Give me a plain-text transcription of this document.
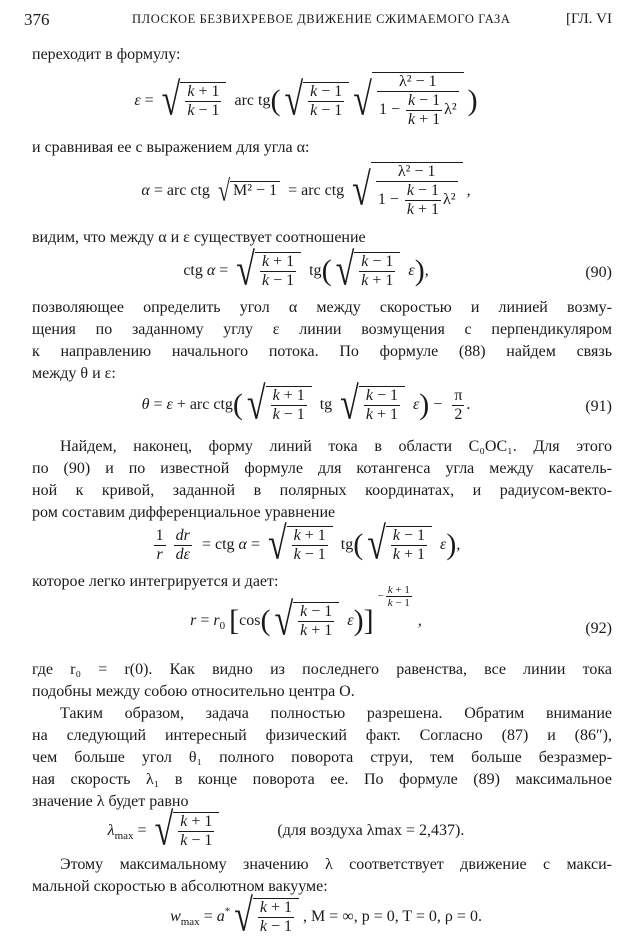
376	ПЛОСКОЕ БЕЗВИХРЕВОЕ ДВИЖЕНИЕ СЖИМАЕМОГО ГАЗА	[ГЛ. VI
переходит в формулу:
ε =  √ $\frac{k + 1}{k - 1}$ arc tg( √ $\frac{k - 1}{k - 1}$ √ $\frac{\text{λ² − 1}}{1 - \frac{k - 1}{k + 1} \lambda^2}$ )
и сравнивая ее с выражением для угла α:
α = arc ctg  √ M² − 1  = arc ctg  √ $\frac{\text{λ² − 1}}{1 - \frac{k - 1}{k + 1} \lambda^2}$ ,
видим, что между α и ε существует соотношение
ctg α =  √ $\frac{k + 1}{k - 1} tg$( √ $\frac{k - 1}{k + 1} \varepsilon$),	(90)
позволяющее определить угол α между скоростью и линией возму-
щения по заданному углу ε линии возмущения с перпендикуляром
к направлению начального потока. По формуле (88) найдем связь
между θ и ε:
θ = ε + arc ctg( √ $\frac{k + 1}{k - 1}$ tg  √ $\frac{k - 1}{k + 1} \varepsilon) - \frac{\pi}{2}$ .	(91)
Найдем, наконец, форму линий тока в области C₀OC₁. Для этого
по (90) и по известной формуле для котангенса угла между касатель-
ной к кривой, заданной в полярных координатах, и радиусом-векто-
ром составим дифференциальное уравнение
$\frac{1}{r}$
$\frac{dr}{d\varepsilon}$ = ctg α =  √ $\frac{k + 1}{k - 1} tg$( √ $\frac{k - 1}{k + 1} \varepsilon$),
которое легко интегрируется и дает:
$r = r_0$ [cos( √ $\frac{k - 1}{k + 1} \varepsilon)] - \frac{k + 1}{k - 1}$
,	(92)
где r₀ = r(0). Как видно из последнего равенства, все линии тока
подобны между собою относительно центра O.
Таким образом, задача полностью разрешена. Обратим внимание
на следующий интересный физический факт. Согласно (87) и (86″),
чем больше угол θ₁ полного поворота струи, тем больше безразмер-
ная скорость λ₁ в конце поворота ее. По формуле (89) максимальное
значение λ будет равно
$\lambda_{max}$ =  √ $\frac{k + 1}{k - 1}$	(для воздуха λmax = 2,437).
Этому максимальному значению λ соответствует движение с макси-
мальной скоростью в абсолютном вакууме:
$w_{max} = a^*$ √ $\frac{k + 1}{k - 1}$ , M = ∞, p = 0, T = 0, ρ = 0.
